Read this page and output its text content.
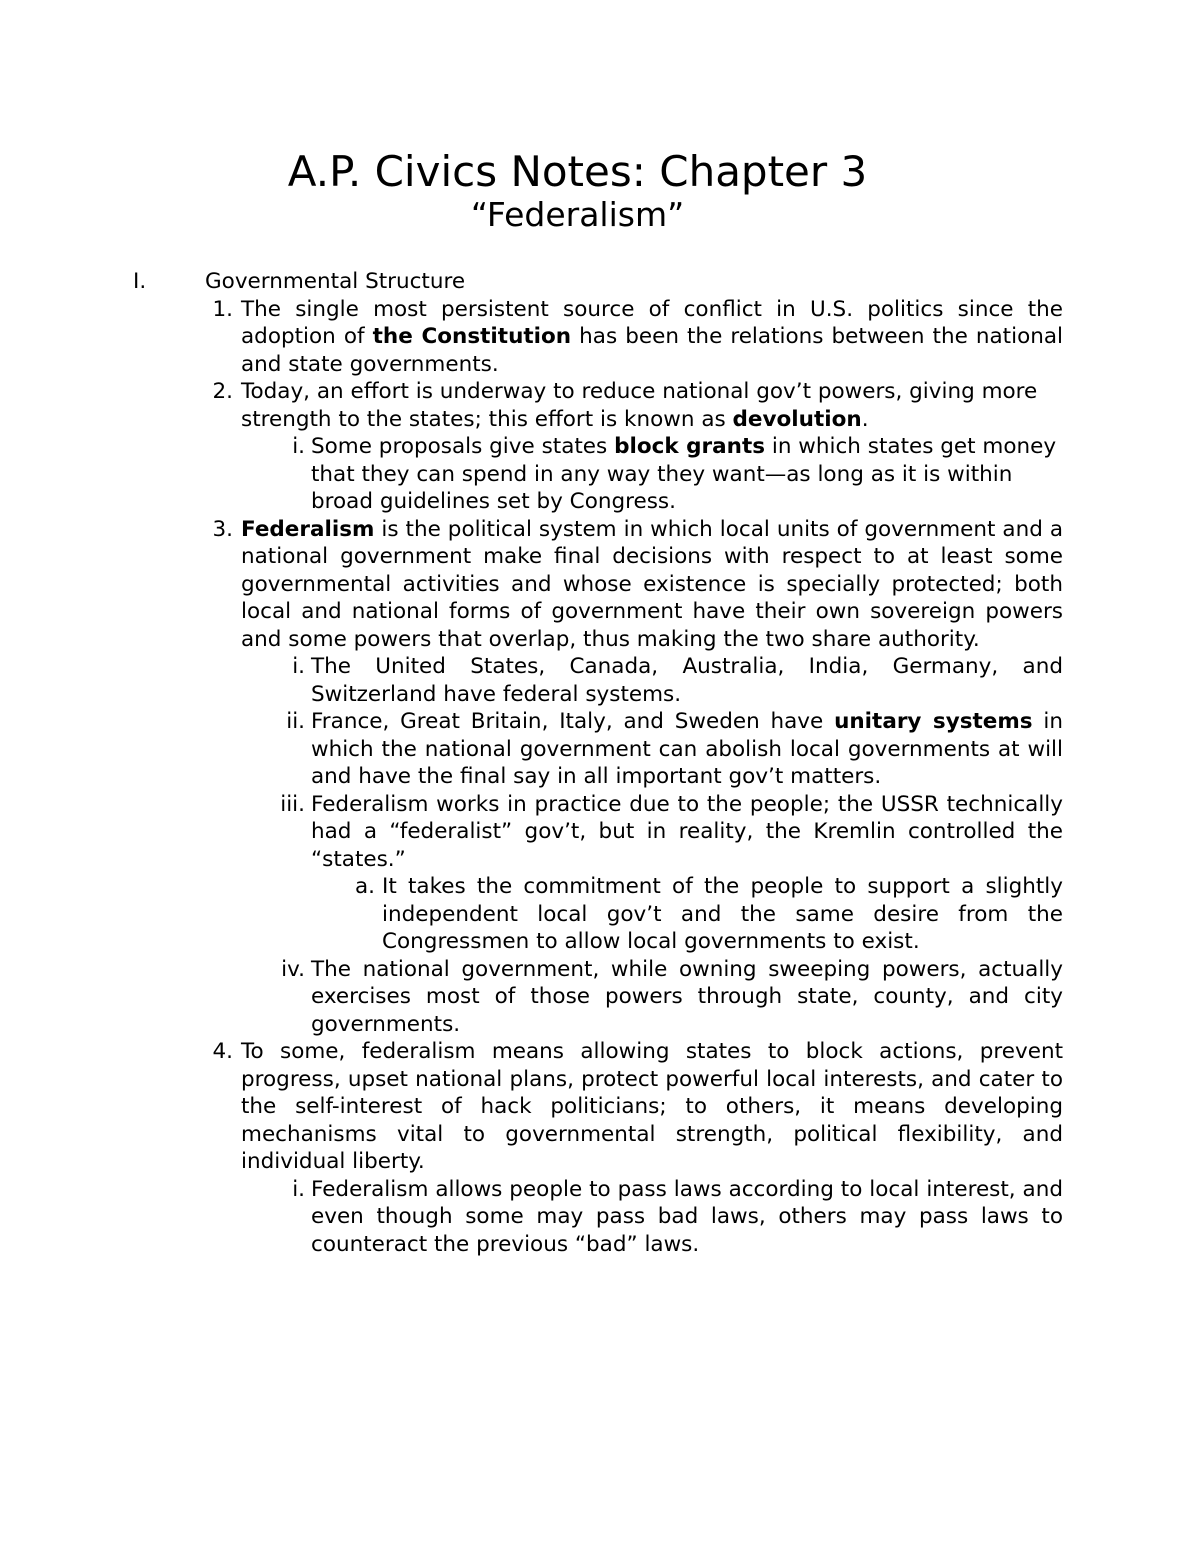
A.P. Civics Notes: Chapter 3
“Federalism”
I.	Governmental Structure
1. The single most persistent source of conflict in U.S. politics since the adoption of the Constitution has been the relations between the national and state governments.
2. Today, an effort is underway to reduce national gov’t powers, giving more strength to the states; this effort is known as devolution.
i. Some proposals give states block grants in which states get money that they can spend in any way they want—as long as it is within broad guidelines set by Congress.
3. Federalism is the political system in which local units of government and a national government make final decisions with respect to at least some governmental activities and whose existence is specially protected; both local and national forms of government have their own sovereign powers and some powers that overlap, thus making the two share authority.
i. The United States, Canada, Australia, India, Germany, and Switzerland have federal systems.
ii. France, Great Britain, Italy, and Sweden have unitary systems in which the national government can abolish local governments at will and have the final say in all important gov’t matters.
iii. Federalism works in practice due to the people; the USSR technically had a “federalist” gov’t, but in reality, the Kremlin controlled the “states.”
a. It takes the commitment of the people to support a slightly independent local gov’t and the same desire from the Congressmen to allow local governments to exist.
iv. The national government, while owning sweeping powers, actually exercises most of those powers through state, county, and city governments.
4. To some, federalism means allowing states to block actions, prevent progress, upset national plans, protect powerful local interests, and cater to the self-interest of hack politicians; to others, it means developing mechanisms vital to governmental strength, political flexibility, and individual liberty.
i. Federalism allows people to pass laws according to local interest, and even though some may pass bad laws, others may pass laws to counteract the previous “bad” laws.
